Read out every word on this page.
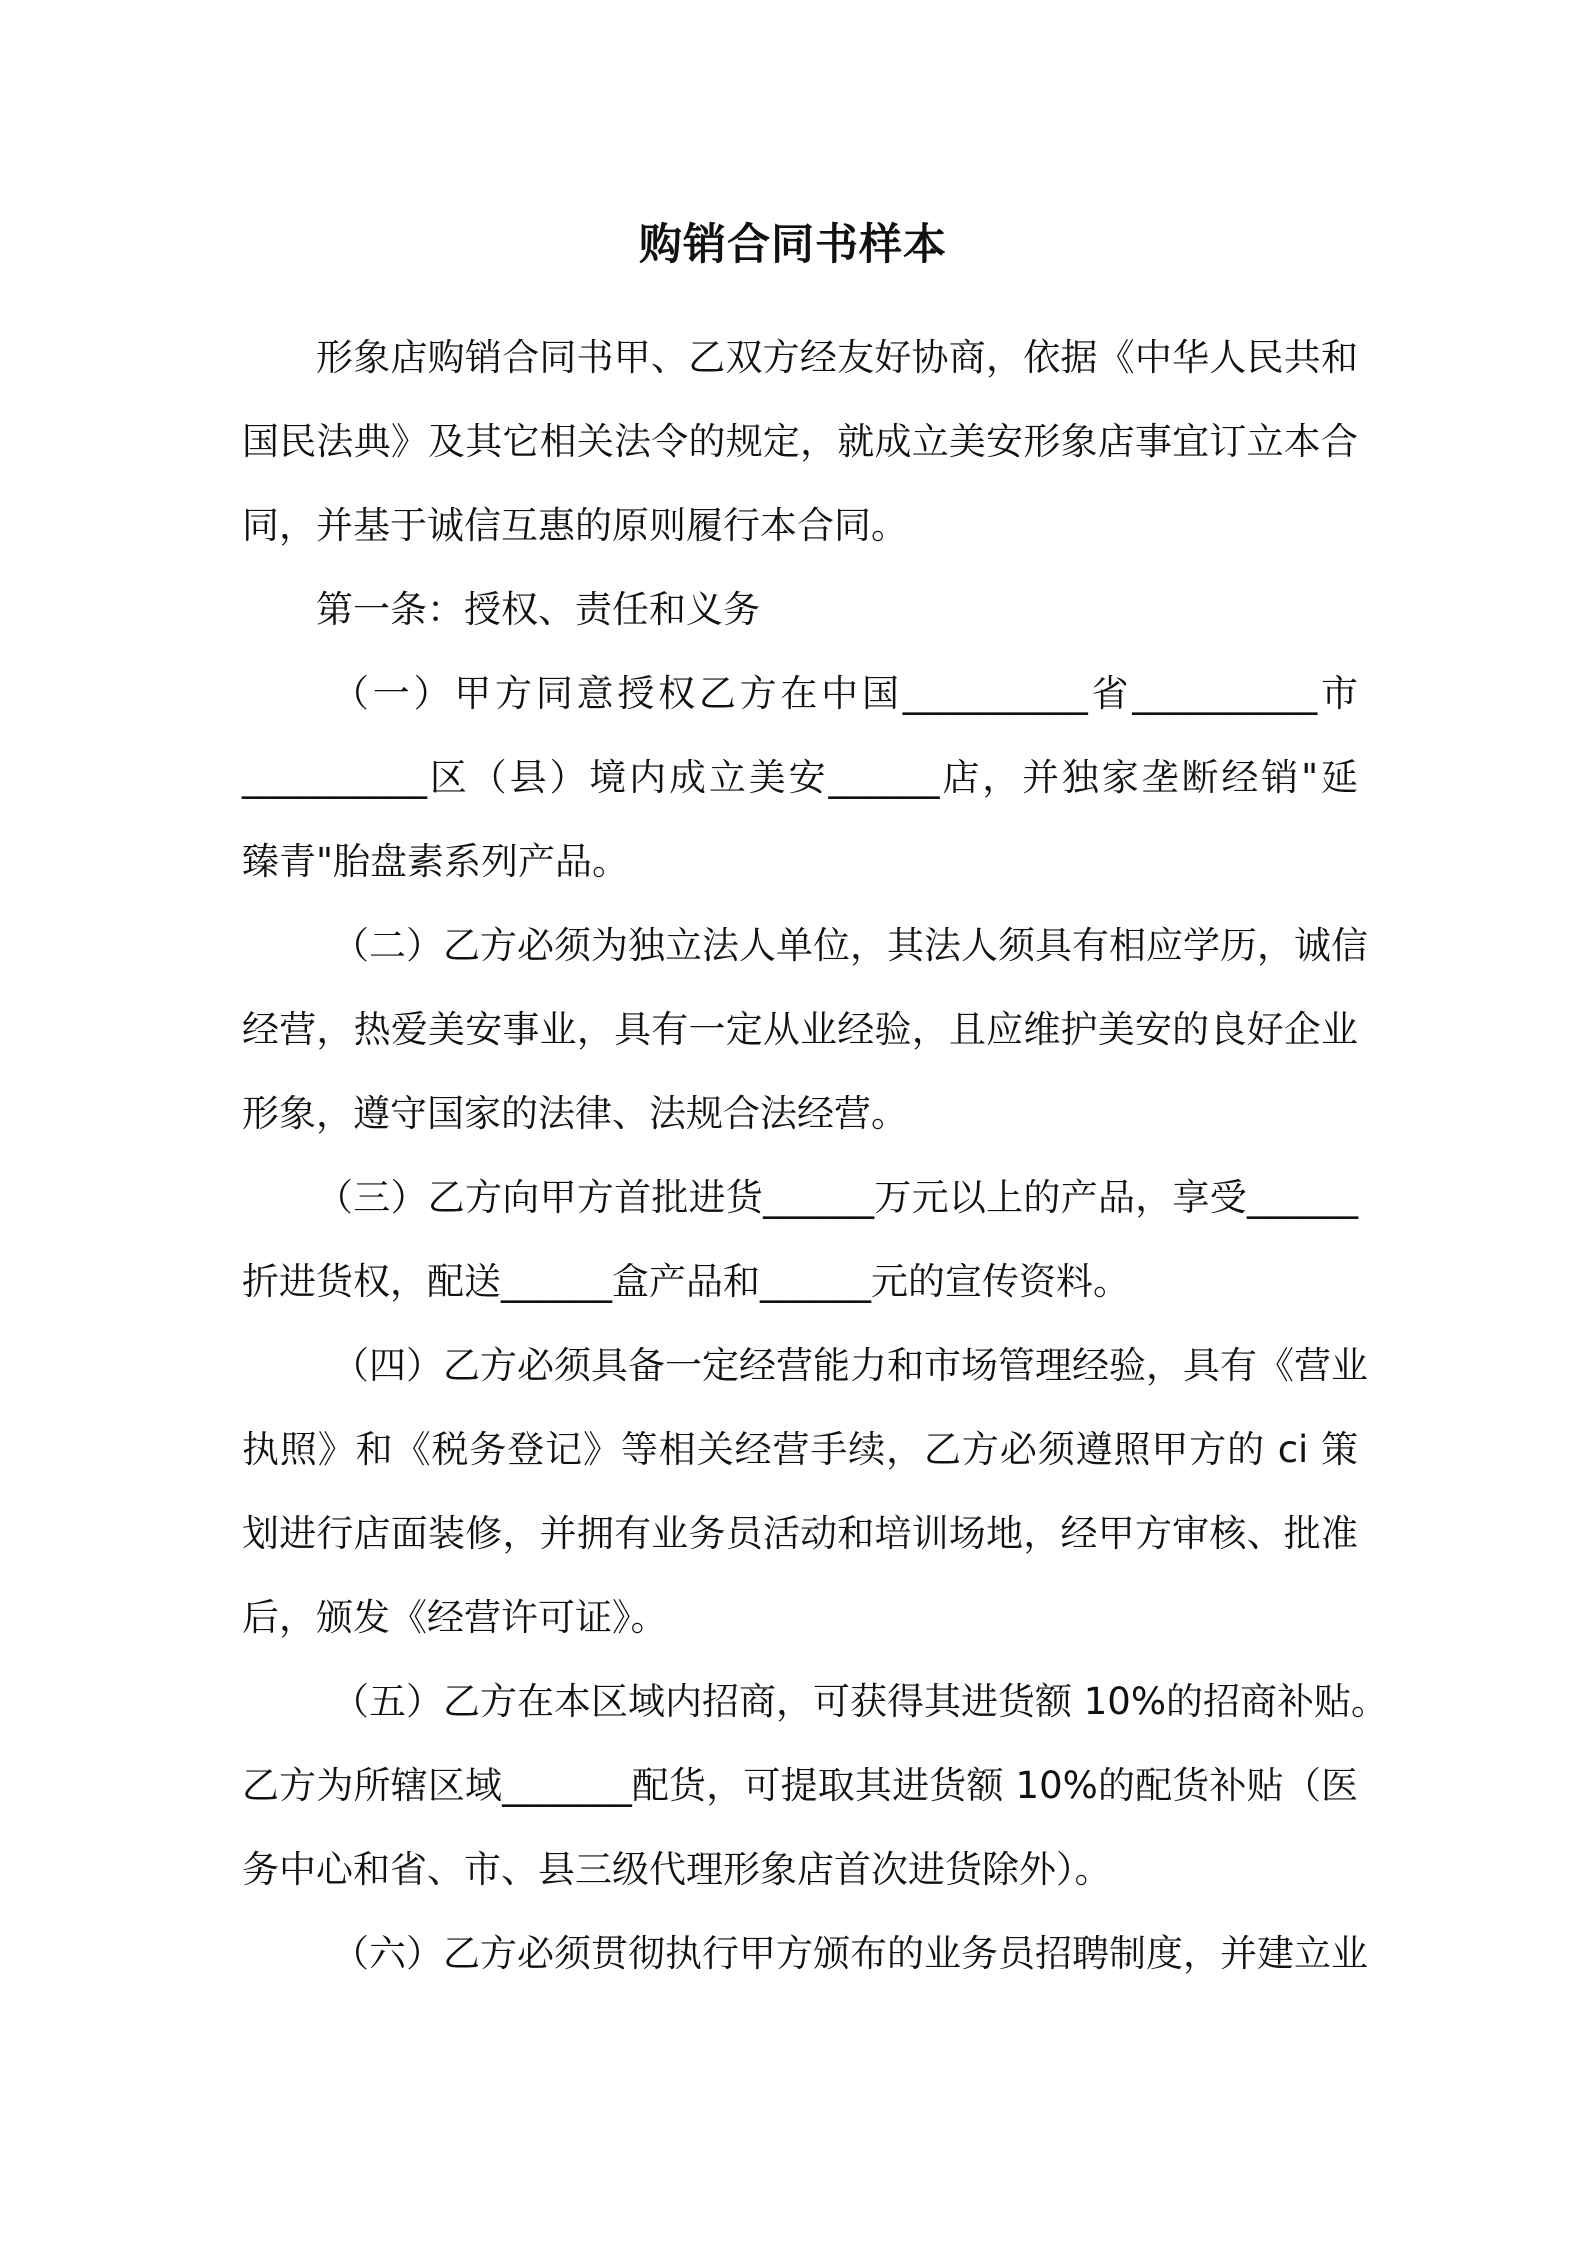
购销合同书样本
形象店购销合同书甲、乙双方经友好协商，依据《中华人民共和
国民法典》及其它相关法令的规定，就成立美安形象店事宜订立本合
同，并基于诚信互惠的原则履行本合同。
第一条：授权、责任和义务
（一）甲方同意授权乙方在中国__________省__________市
__________区（县）境内成立美安______店，并独家垄断经销"延
臻青"胎盘素系列产品。
（二）乙方必须为独立法人单位，其法人须具有相应学历，诚信
经营，热爱美安事业，具有一定从业经验，且应维护美安的良好企业
形象，遵守国家的法律、法规合法经营。
（三）乙方向甲方首批进货______万元以上的产品，享受______
折进货权，配送______盒产品和______元的宣传资料。
（四）乙方必须具备一定经营能力和市场管理经验，具有《营业
执照》和《税务登记》等相关经营手续，乙方必须遵照甲方的 ci 策
划进行店面装修，并拥有业务员活动和培训场地，经甲方审核、批准
后，颁发《经营许可证》。
（五）乙方在本区域内招商，可获得其进货额 10%的招商补贴。
乙方为所辖区域_______配货，可提取其进货额 10%的配货补贴（医
务中心和省、市、县三级代理形象店首次进货除外）。
（六）乙方必须贯彻执行甲方颁布的业务员招聘制度，并建立业
